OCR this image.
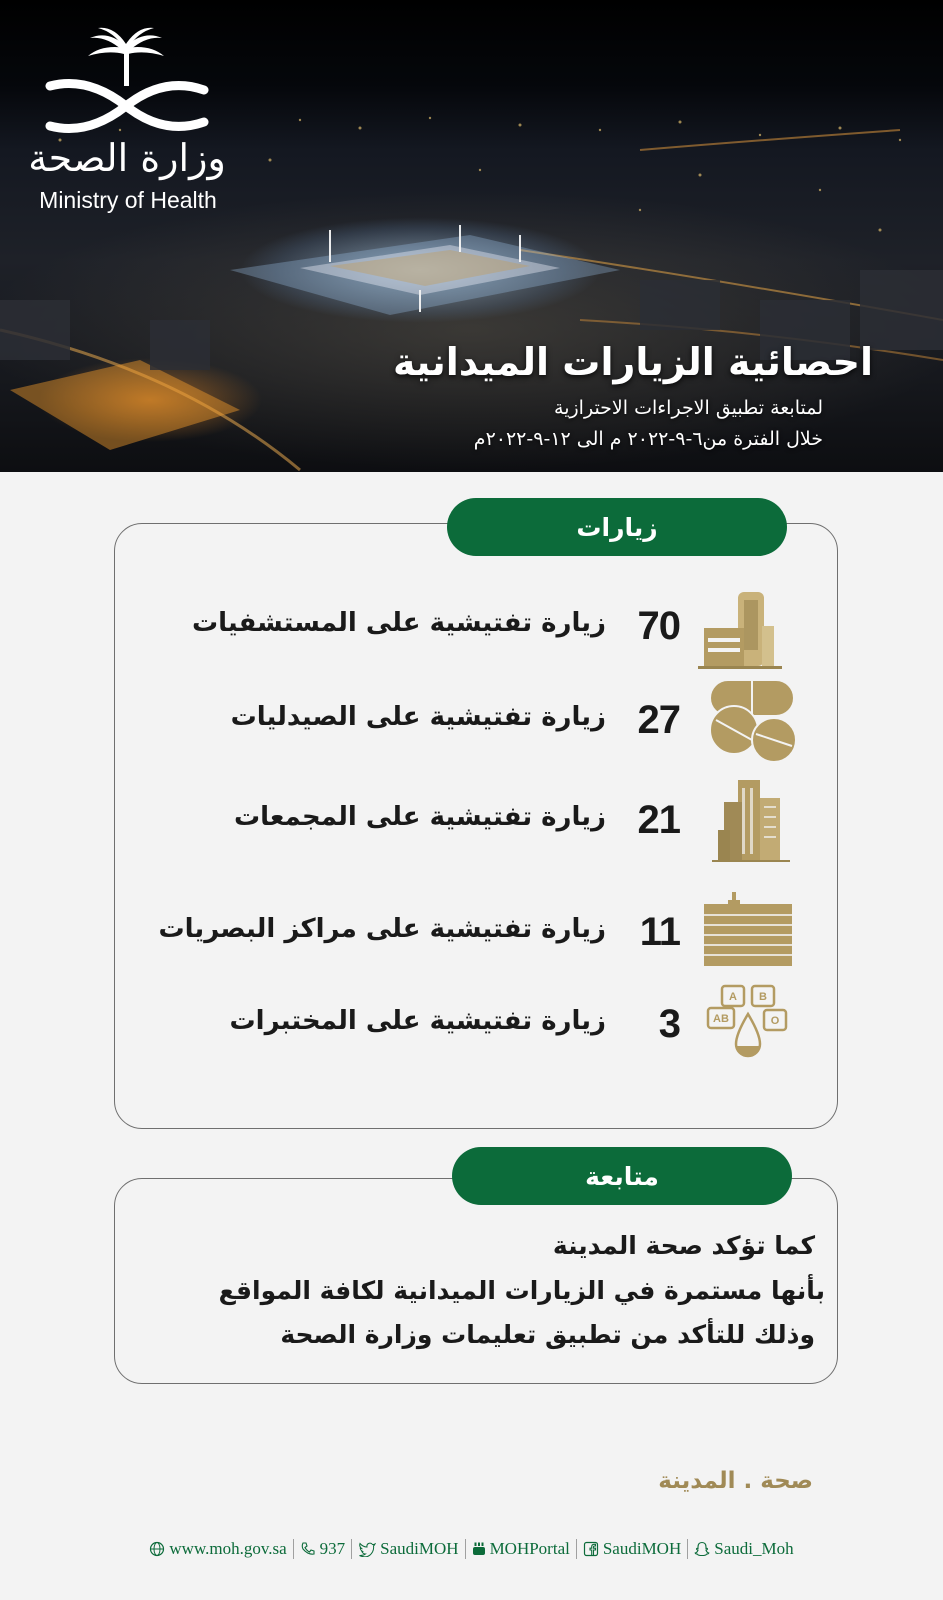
وزارة الصحة
Ministry of Health
احصائية الزيارات الميدانية
لمتابعة تطبيق الاجراءات الاحترازية
خلال الفترة من٦-٩-٢٠٢٢ م الى ١٢-٩-٢٠٢٢م
زيارات
70
زيارة تفتيشية على المستشفيات
27
زيارة تفتيشية على الصيدليات
21
زيارة تفتيشية على المجمعات
11
زيارة تفتيشية على مراكز البصريات
A B
AB	O
3
زيارة تفتيشية على المختبرات
متابعة
كما تؤكد صحة المدينة
بأنها مستمرة في الزيارات الميدانية لكافة المواقع
وذلك للتأكد من تطبيق تعليمات وزارة الصحة
صحة . المدينة
www.moh.gov.sa 937 SaudiMOH MOHPortal SaudiMOH Saudi_Moh
